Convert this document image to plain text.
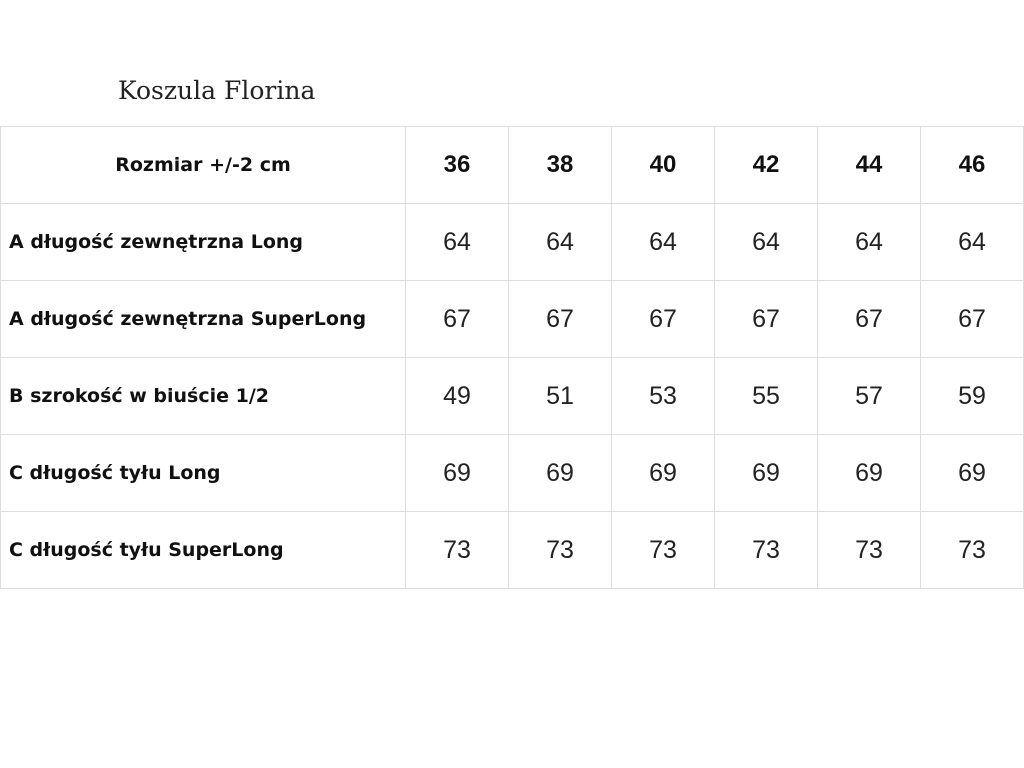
Koszula Florina
Rozmiar +/-2 cm	36	38	40	42	44	46
A długość zewnętrzna Long	64	64	64	64	64	64
A długość zewnętrzna SuperLong	67	67	67	67	67	67
B szrokość w biuście 1/2	49	51	53	55	57	59
C długość tyłu Long	69	69	69	69	69	69
C długość tyłu SuperLong	73	73	73	73	73	73
